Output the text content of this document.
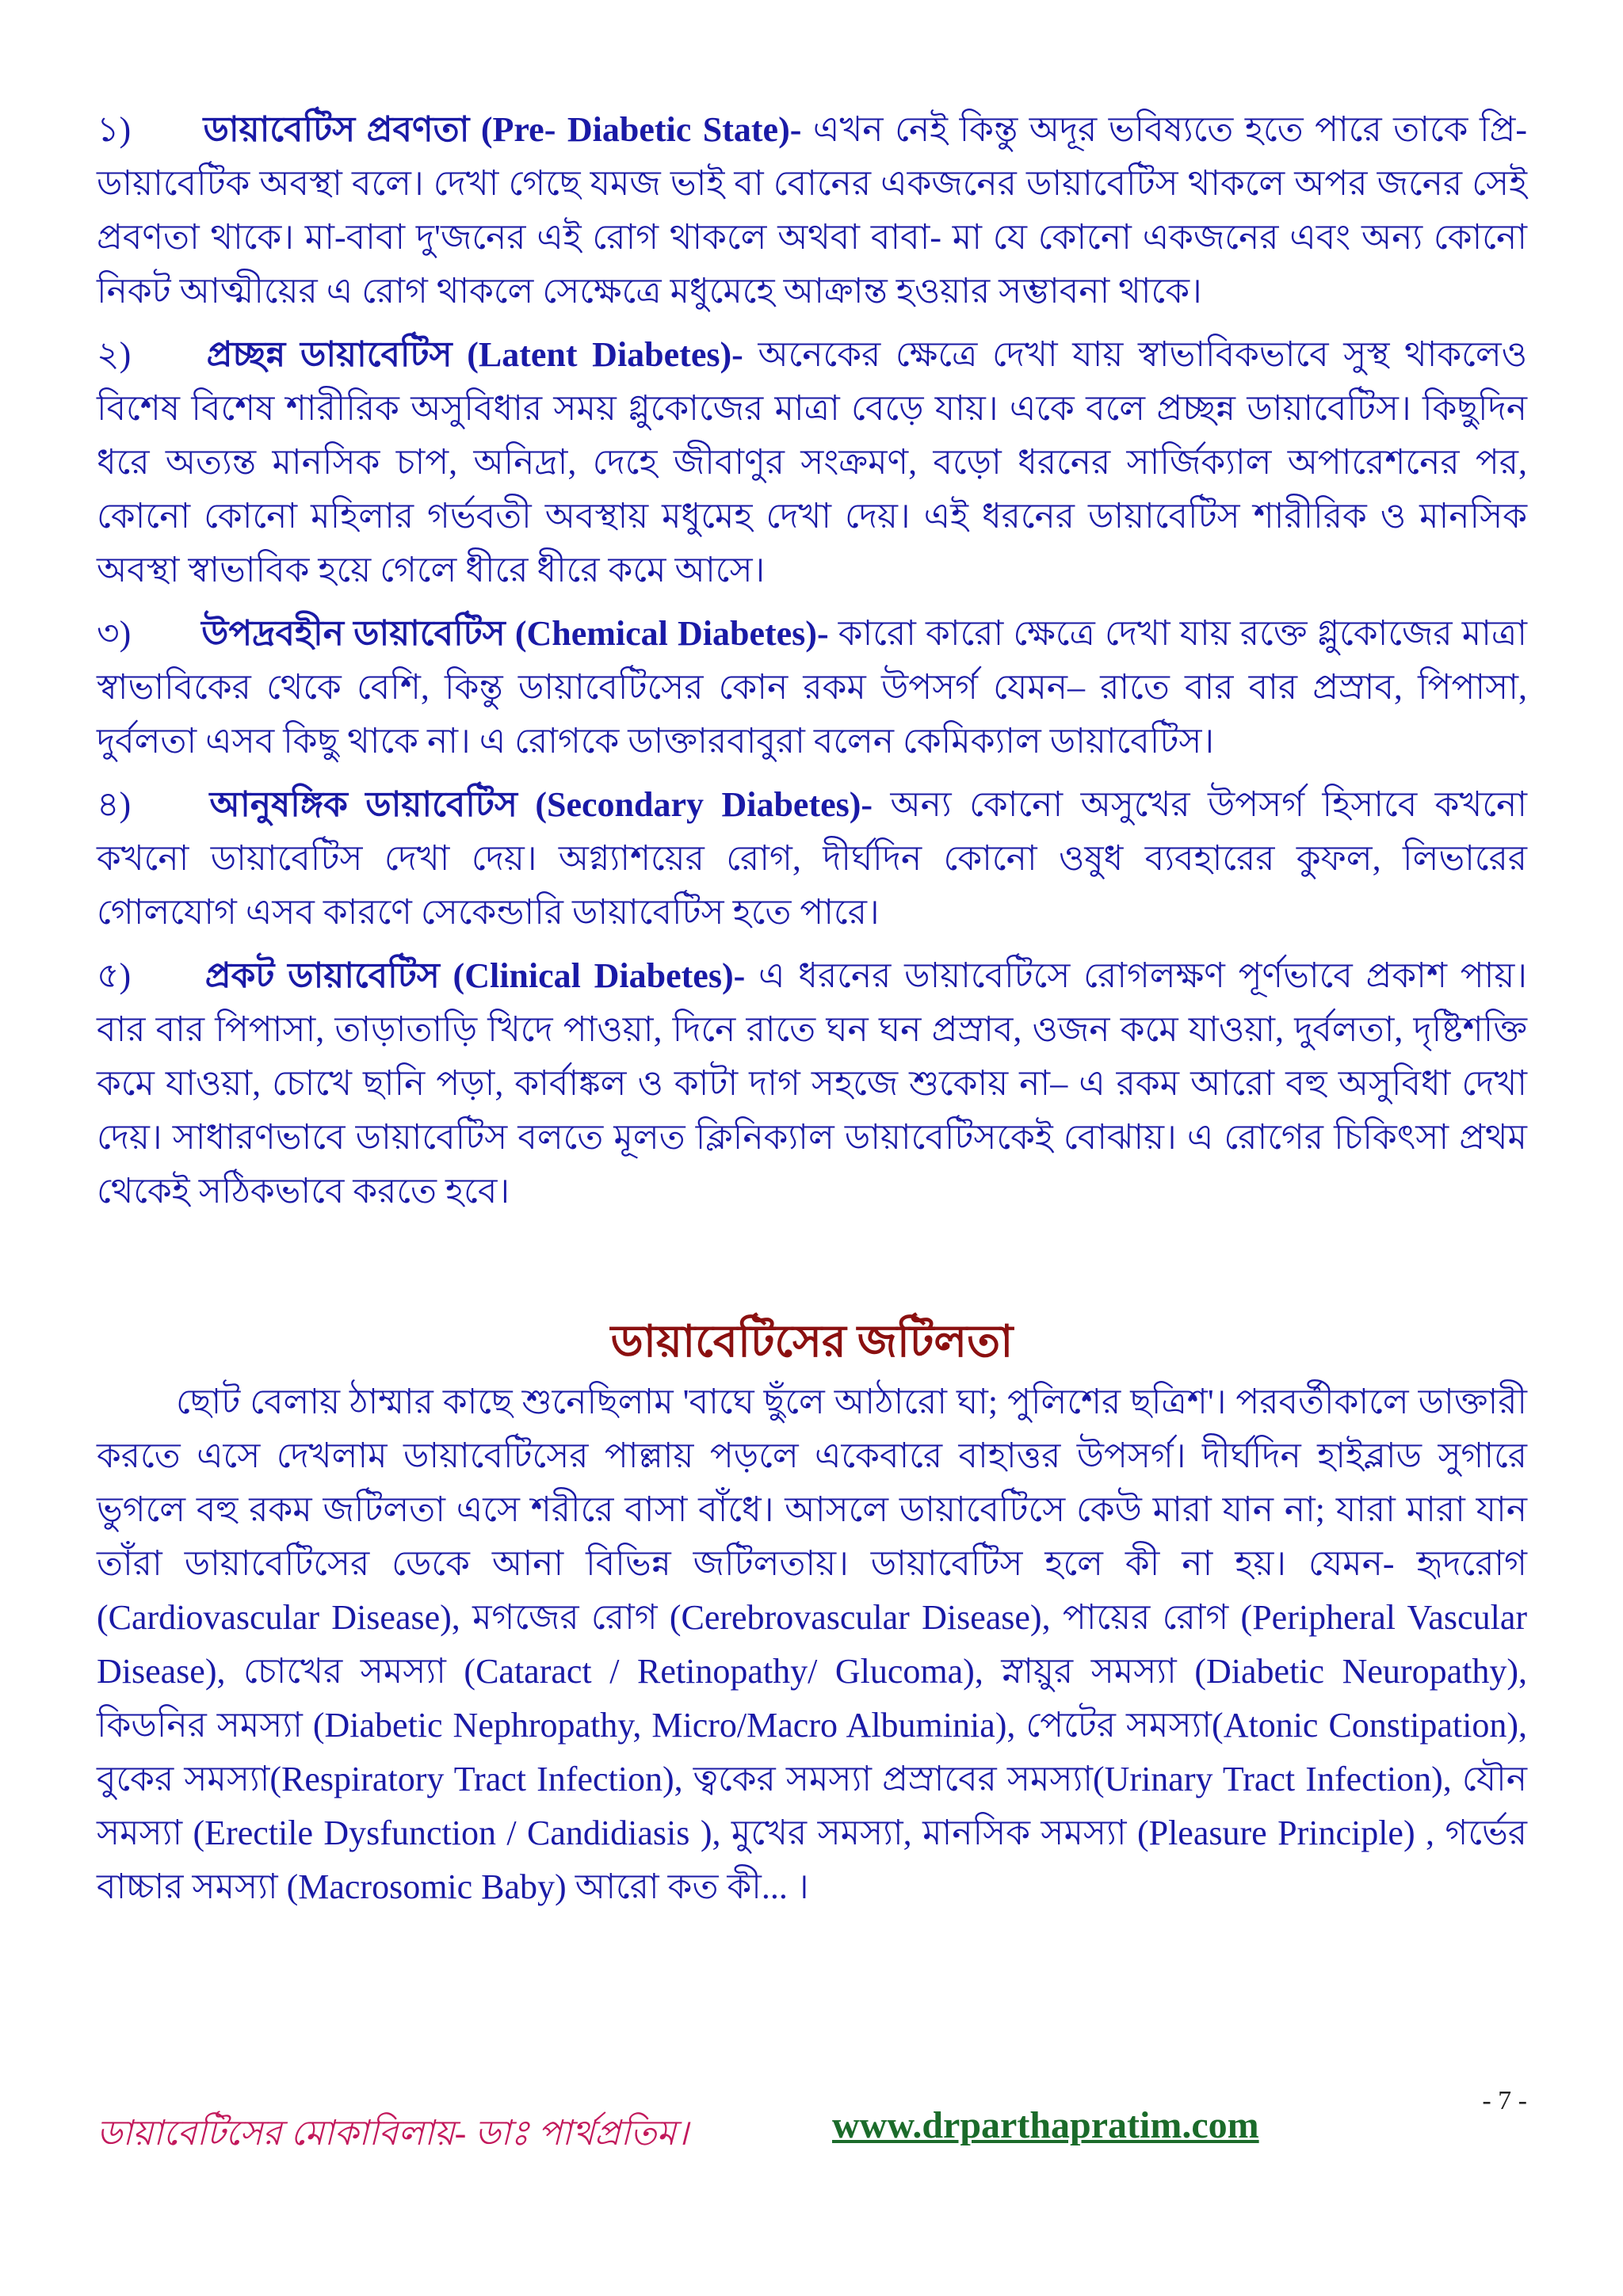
১) ডায়াবেটিস প্রবণতা (Pre- Diabetic State)- এখন নেই কিন্তু অদূর ভবিষ্যতে হতে পারে তাকে প্রি-ডায়াবেটিক অবস্থা বলে। দেখা গেছে যমজ ভাই বা বোনের একজনের ডায়াবেটিস থাকলে অপর জনের সেই প্রবণতা থাকে। মা-বাবা দু'জনের এই রোগ থাকলে অথবা বাবা- মা যে কোনো একজনের এবং অন্য কোনো নিকট আত্মীয়ের এ রোগ থাকলে সেক্ষেত্রে মধুমেহে আক্রান্ত হওয়ার সম্ভাবনা থাকে।

২) প্রচ্ছন্ন ডায়াবেটিস (Latent Diabetes)- অনেকের ক্ষেত্রে দেখা যায় স্বাভাবিকভাবে সুস্থ থাকলেও বিশেষ বিশেষ শারীরিক অসুবিধার সময় গ্লুকোজের মাত্রা বেড়ে যায়। একে বলে প্রচ্ছন্ন ডায়াবেটিস। কিছুদিন ধরে অত্যন্ত মানসিক চাপ, অনিদ্রা, দেহে জীবাণুর সংক্রমণ, বড়ো ধরনের সার্জিক্যাল অপারেশনের পর, কোনো কোনো মহিলার গর্ভবতী অবস্থায় মধুমেহ দেখা দেয়। এই ধরনের ডায়াবেটিস শারীরিক ও মানসিক অবস্থা স্বাভাবিক হয়ে গেলে ধীরে ধীরে কমে আসে।

৩) উপদ্রবহীন ডায়াবেটিস (Chemical Diabetes)- কারো কারো ক্ষেত্রে দেখা যায় রক্তে গ্লুকোজের মাত্রা স্বাভাবিকের থেকে বেশি, কিন্তু ডায়াবেটিসের কোন রকম উপসর্গ যেমন– রাতে বার বার প্রস্রাব, পিপাসা, দুর্বলতা এসব কিছু থাকে না। এ রোগকে ডাক্তারবাবুরা বলেন কেমিক্যাল ডায়াবেটিস।

৪) আনুষঙ্গিক ডায়াবেটিস (Secondary Diabetes)- অন্য কোনো অসুখের উপসর্গ হিসাবে কখনো কখনো ডায়াবেটিস দেখা দেয়। অগ্ন্যাশয়ের রোগ, দীর্ঘদিন কোনো ওষুধ ব্যবহারের কুফল, লিভারের গোলযোগ এসব কারণে সেকেন্ডারি ডায়াবেটিস হতে পারে।

৫) প্রকট ডায়াবেটিস (Clinical Diabetes)- এ ধরনের ডায়াবেটিসে রোগলক্ষণ পূর্ণভাবে প্রকাশ পায়। বার বার পিপাসা, তাড়াতাড়ি খিদে পাওয়া, দিনে রাতে ঘন ঘন প্রস্রাব, ওজন কমে যাওয়া, দুর্বলতা, দৃষ্টিশক্তি কমে যাওয়া, চোখে ছানি পড়া, কার্বাঙ্কল ও কাটা দাগ সহজে শুকোয় না– এ রকম আরো বহু অসুবিধা দেখা দেয়। সাধারণভাবে ডায়াবেটিস বলতে মূলত ক্লিনিক্যাল ডায়াবেটিসকেই বোঝায়। এ রোগের চিকিৎসা প্রথম থেকেই সঠিকভাবে করতে হবে।

ডায়াবেটিসের জটিলতা

ছোট বেলায় ঠাম্মার কাছে শুনেছিলাম 'বাঘে ছুঁলে আঠারো ঘা; পুলিশের ছত্রিশ'। পরবর্তীকালে ডাক্তারী করতে এসে দেখলাম ডায়াবেটিসের পাল্লায় পড়লে একেবারে বাহাত্তর উপসর্গ। দীর্ঘদিন হাইব্লাড সুগারে ভুগলে বহু রকম জটিলতা এসে শরীরে বাসা বাঁধে। আসলে ডায়াবেটিসে কেউ মারা যান না; যারা মারা যান তাঁরা ডায়াবেটিসের ডেকে আনা বিভিন্ন জটিলতায়। ডায়াবেটিস হলে কী না হয়। যেমন- হৃদরোগ (Cardiovascular Disease), মগজের রোগ (Cerebrovascular Disease), পায়ের রোগ (Peripheral Vascular Disease), চোখের সমস্যা (Cataract / Retinopathy/ Glucoma), স্নায়ুর সমস্যা (Diabetic Neuropathy), কিডনির সমস্যা (Diabetic Nephropathy, Micro/Macro Albuminia), পেটের সমস্যা(Atonic Constipation), বুকের সমস্যা(Respiratory Tract Infection), ত্বকের সমস্যা প্রস্রাবের সমস্যা(Urinary Tract Infection), যৌন সমস্যা (Erectile Dysfunction / Candidiasis ), মুখের সমস্যা, মানসিক সমস্যা (Pleasure Principle) , গর্ভের বাচ্চার সমস্যা (Macrosomic Baby) আরো কত কী... ।

ডায়াবেটিসের মোকাবিলায়- ডাঃ পার্থপ্রতিম।	www.drparthapratim.com
- 7 -
